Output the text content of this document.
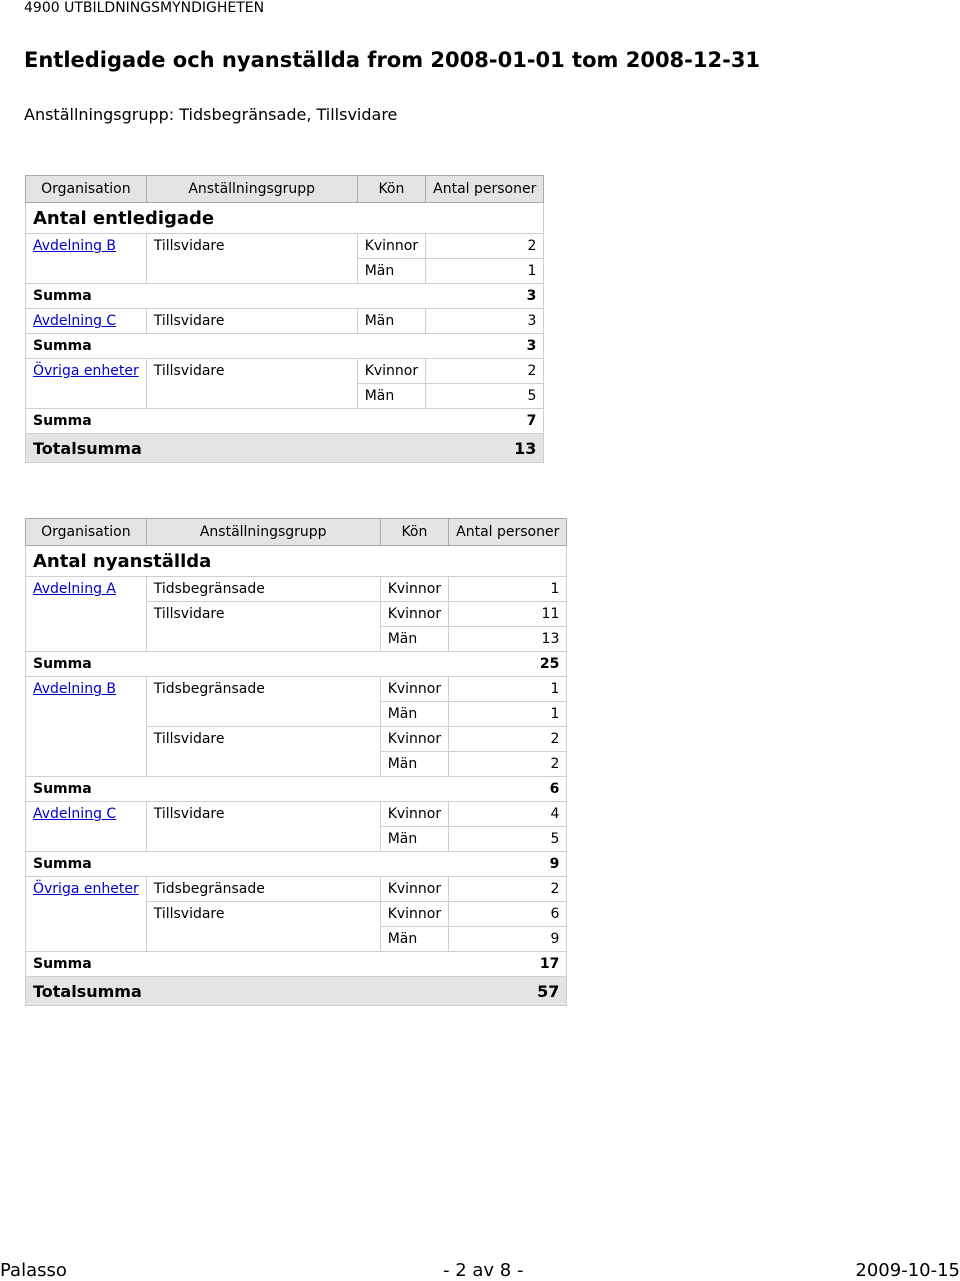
4900 UTBILDNINGSMYNDIGHETEN
Entledigade och nyanställda from 2008-01-01 tom 2008-12-31
Anställningsgrupp: Tidsbegränsade, Tillsvidare
Organisation	Anställningsgrupp	Kön	Antal personer
Antal entledigade			
Avdelning B	Tillsvidare	Kvinnor	2
		Män	1
Summa			3
Avdelning C	Tillsvidare	Män	3
Summa			3
Övriga enheter	Tillsvidare	Kvinnor	2
		Män	5
Summa			7
Totalsumma			13
Organisation	Anställningsgrupp	Kön	Antal personer
Antal nyanställda			
Avdelning A	Tidsbegränsade	Kvinnor	1
	Tillsvidare	Kvinnor	11
		Män	13
Summa			25
Avdelning B	Tidsbegränsade	Kvinnor	1
		Män	1
	Tillsvidare	Kvinnor	2
		Män	2
Summa			6
Avdelning C	Tillsvidare	Kvinnor	4
		Män	5
Summa			9
Övriga enheter	Tidsbegränsade	Kvinnor	2
	Tillsvidare	Kvinnor	6
		Män	9
Summa			17
Totalsumma			57
Palasso	- 2 av 8 -	2009-10-15
